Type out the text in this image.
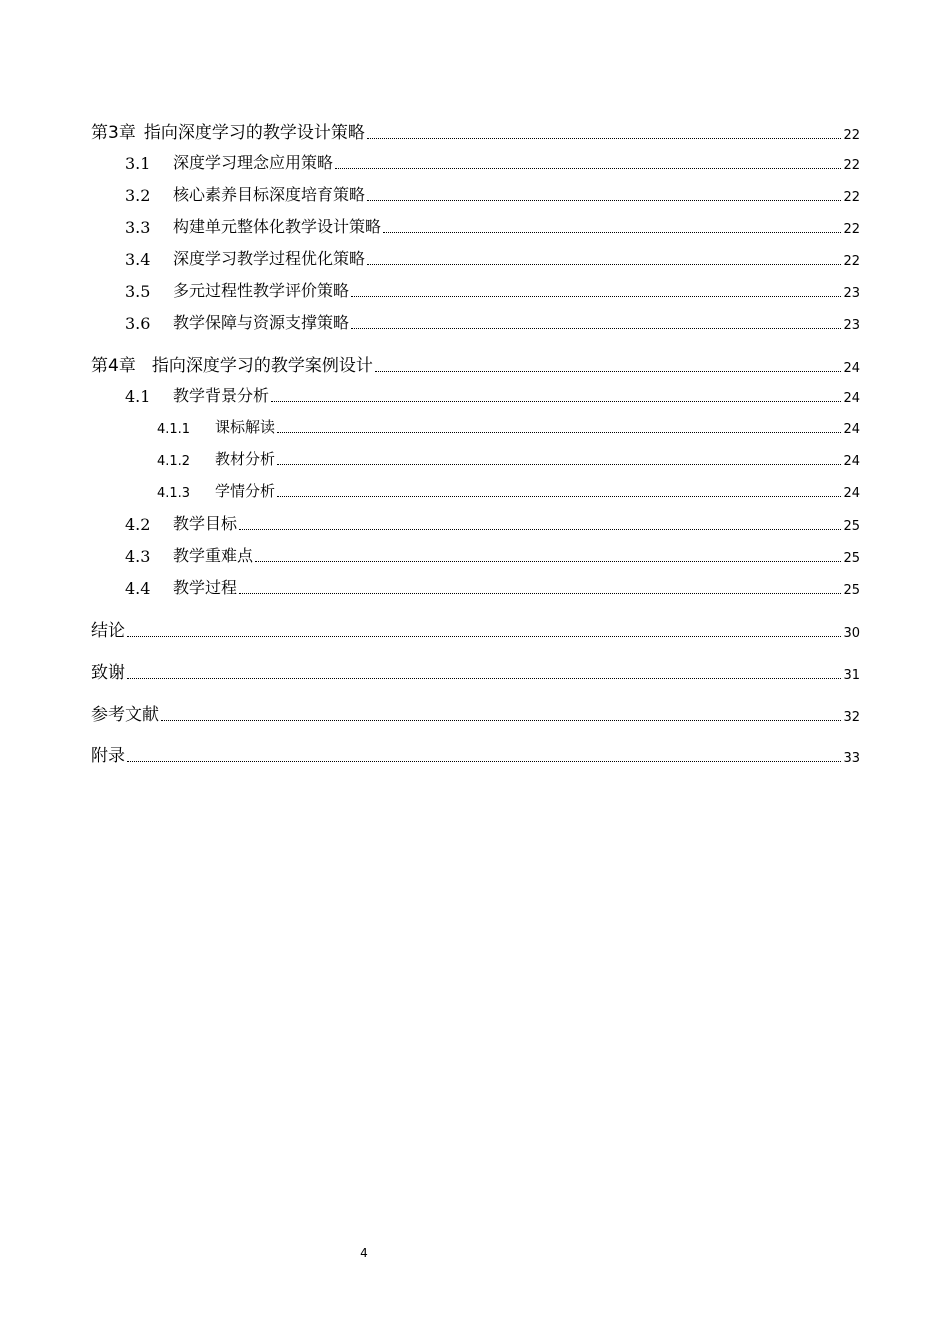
第3章 指向深度学习的教学设计策略	22
3.1	深度学习理念应用策略	22
3.2	核心素养目标深度培育策略	22
3.3	构建单元整体化教学设计策略	22
3.4	深度学习教学过程优化策略	22
3.5	多元过程性教学评价策略	23
3.6	教学保障与资源支撑策略	23
第4章 指向深度学习的教学案例设计	24
4.1	教学背景分析	24
4.1.1	课标解读	24
4.1.2	教材分析	24
4.1.3	学情分析	24
4.2	教学目标	25
4.3	教学重难点	25
4.4	教学过程	25
结论	30
致谢	31
参考文献	32
附录	33
4
